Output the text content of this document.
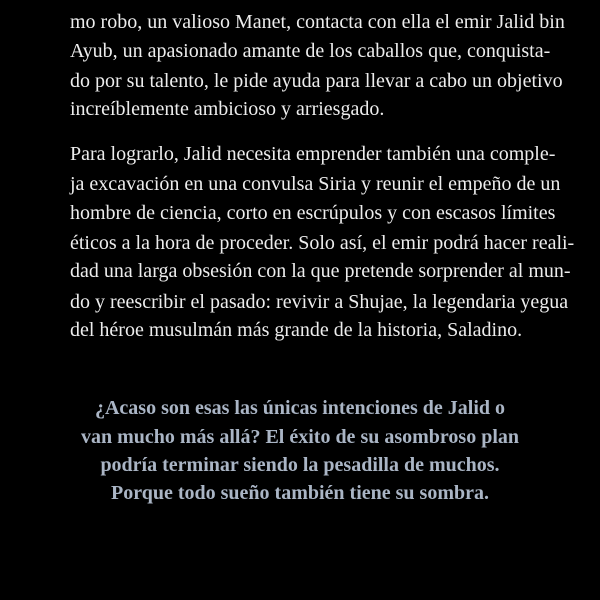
mo robo, un valioso Manet, contacta con ella el emir Jalid bin
Ayub, un apasionado amante de los caballos que, conquista-
do por su talento, le pide ayuda para llevar a cabo un objetivo
increíblemente ambicioso y arriesgado.
Para lograrlo, Jalid necesita emprender también una comple-
ja excavación en una convulsa Siria y reunir el empeño de un
hombre de ciencia, corto en escrúpulos y con escasos límites
éticos a la hora de proceder. Solo así, el emir podrá hacer reali-
dad una larga obsesión con la que pretende sorprender al mun-
do y reescribir el pasado: revivir a Shujae, la legendaria yegua
del héroe musulmán más grande de la historia, Saladino.
¿Acaso son esas las únicas intenciones de Jalid o
van mucho más allá? El éxito de su asombroso plan
podría terminar siendo la pesadilla de muchos.
Porque todo sueño también tiene su sombra.
